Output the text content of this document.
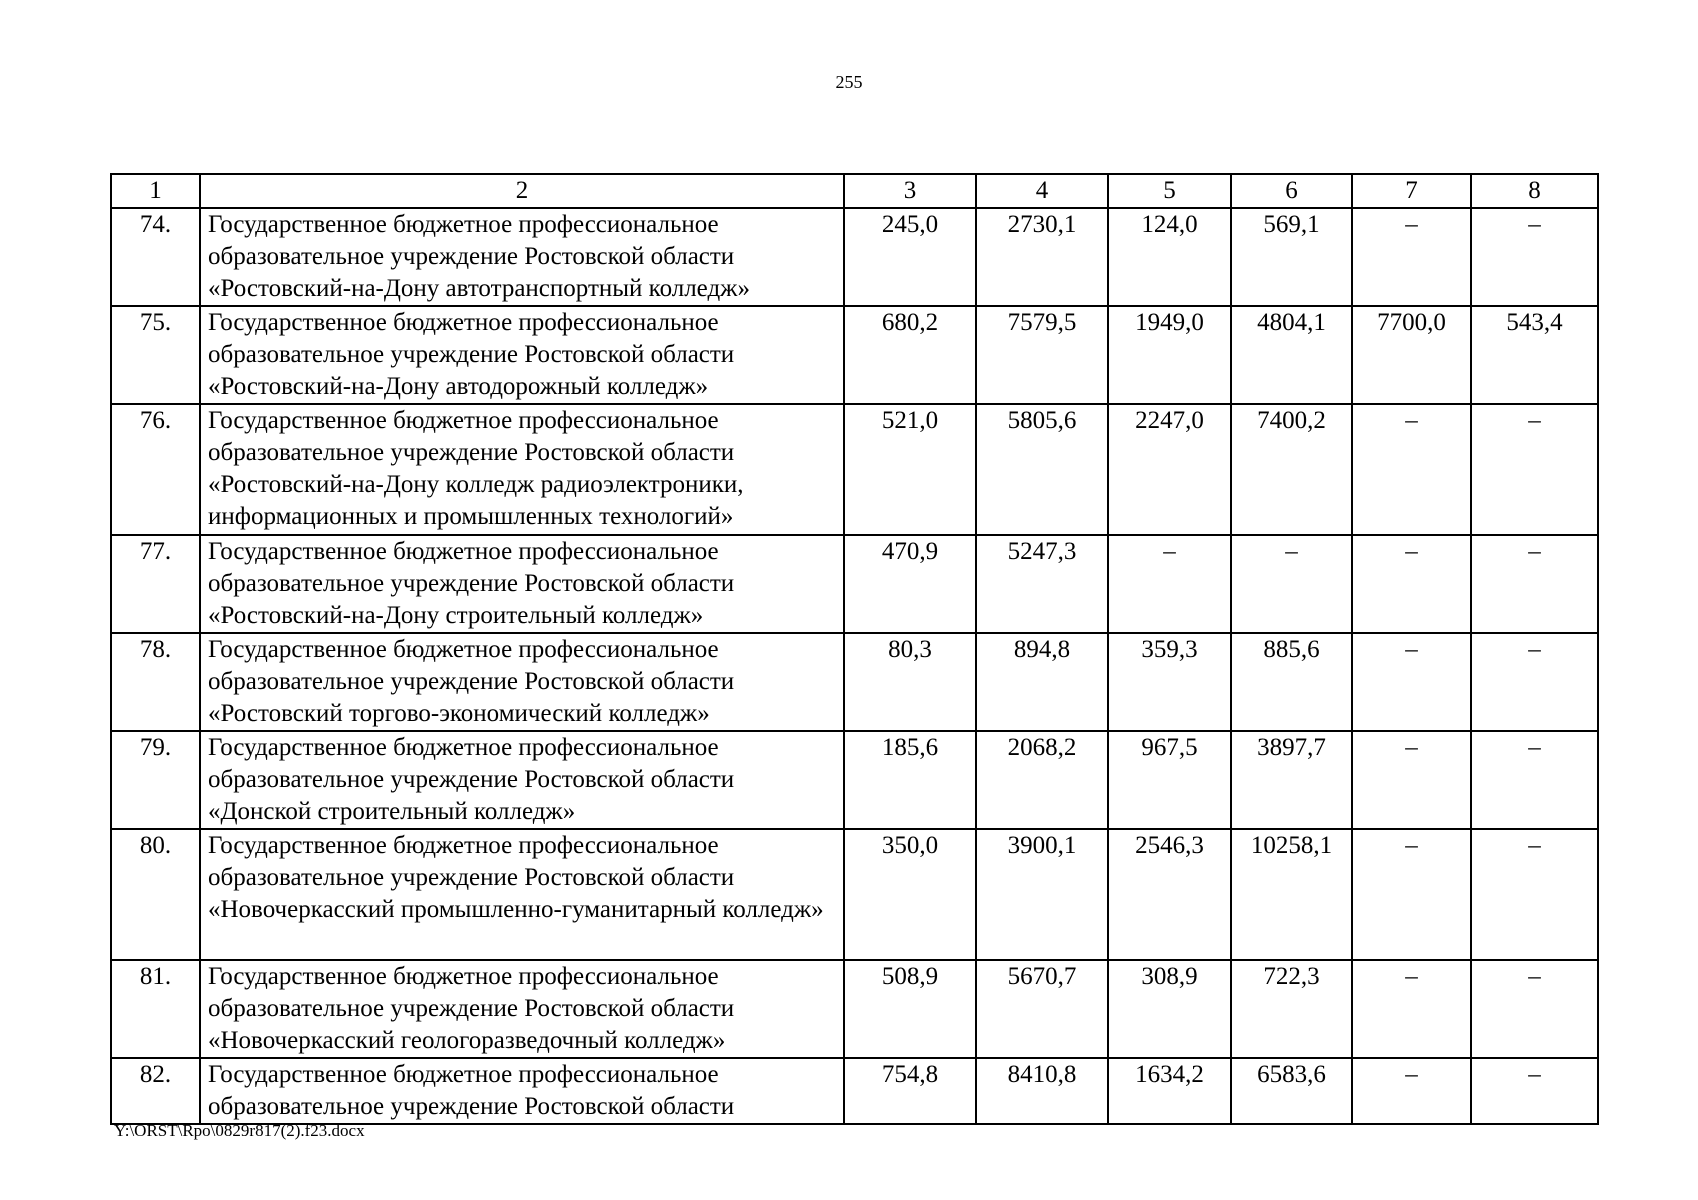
255
1	2	3	4	5	6	7	8
74.	Государственное бюджетное профессиональное образовательное учреждение Ростовской области «Ростовский-на-Дону автотранспортный колледж»	245,0	2730,1	124,0	569,1	–	–
75.	Государственное бюджетное профессиональное образовательное учреждение Ростовской области «Ростовский-на-Дону автодорожный колледж»	680,2	7579,5	1949,0	4804,1	7700,0	543,4
76.	Государственное бюджетное профессиональное образовательное учреждение Ростовской области «Ростовский-на-Дону колледж радиоэлектроники, информационных и промышленных технологий»	521,0	5805,6	2247,0	7400,2	–	–
77.	Государственное бюджетное профессиональное образовательное учреждение Ростовской области «Ростовский-на-Дону строительный колледж»	470,9	5247,3	–	–	–	–
78.	Государственное бюджетное профессиональное образовательное учреждение Ростовской области «Ростовский торгово-экономический колледж»	80,3	894,8	359,3	885,6	–	–
79.	Государственное бюджетное профессиональное образовательное учреждение Ростовской области «Донской строительный колледж»	185,6	2068,2	967,5	3897,7	–	–
80.	Государственное бюджетное профессиональное образовательное учреждение Ростовской области «Новочеркасский промышленно-гуманитарный колледж»	350,0	3900,1	2546,3	10258,1	–	–
81.	Государственное бюджетное профессиональное образовательное учреждение Ростовской области «Новочеркасский геологоразведочный колледж»	508,9	5670,7	308,9	722,3	–	–
82.	Государственное бюджетное профессиональное образовательное учреждение Ростовской области	754,8	8410,8	1634,2	6583,6	–	–
Y:\ORST\Rpo\0829r817(2).f23.docx
